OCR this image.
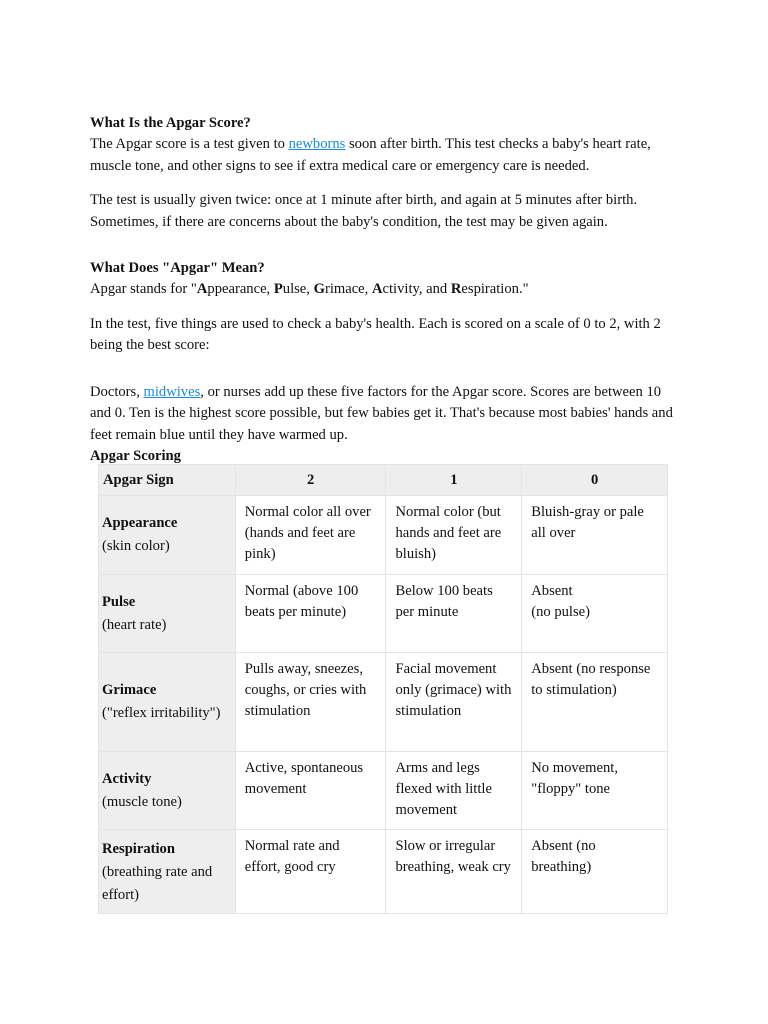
What Is the Apgar Score?

The Apgar score is a test given to newborns soon after birth. This test checks a baby's heart rate, muscle tone, and other signs to see if extra medical care or emergency care is needed.

The test is usually given twice: once at 1 minute after birth, and again at 5 minutes after birth. Sometimes, if there are concerns about the baby's condition, the test may be given again.

What Does "Apgar" Mean?

Apgar stands for "Appearance, Pulse, Grimace, Activity, and Respiration."

In the test, five things are used to check a baby's health. Each is scored on a scale of 0 to 2, with 2 being the best score:

Doctors, midwives, or nurses add up these five factors for the Apgar score. Scores are between 10 and 0. Ten is the highest score possible, but few babies get it. That's because most babies' hands and feet remain blue until they have warmed up.

Apgar Scoring
Apgar Sign	2	1	0

Appearance
(skin color)	Normal color all over (hands and feet are pink)	Normal color (but hands and feet are bluish)	Bluish-gray or pale all over

Pulse
(heart rate)	Normal (above 100 beats per minute)	Below 100 beats per minute	Absent
(no pulse)

Grimace
("reflex irritability")	Pulls away, sneezes, coughs, or cries with stimulation	Facial movement only (grimace) with stimulation	Absent (no response to stimulation)

Activity
(muscle tone)	Active, spontaneous movement	Arms and legs flexed with little movement	No movement, "floppy" tone

Respiration
(breathing rate and effort)	Normal rate and effort, good cry	Slow or irregular breathing, weak cry	Absent (no breathing)
